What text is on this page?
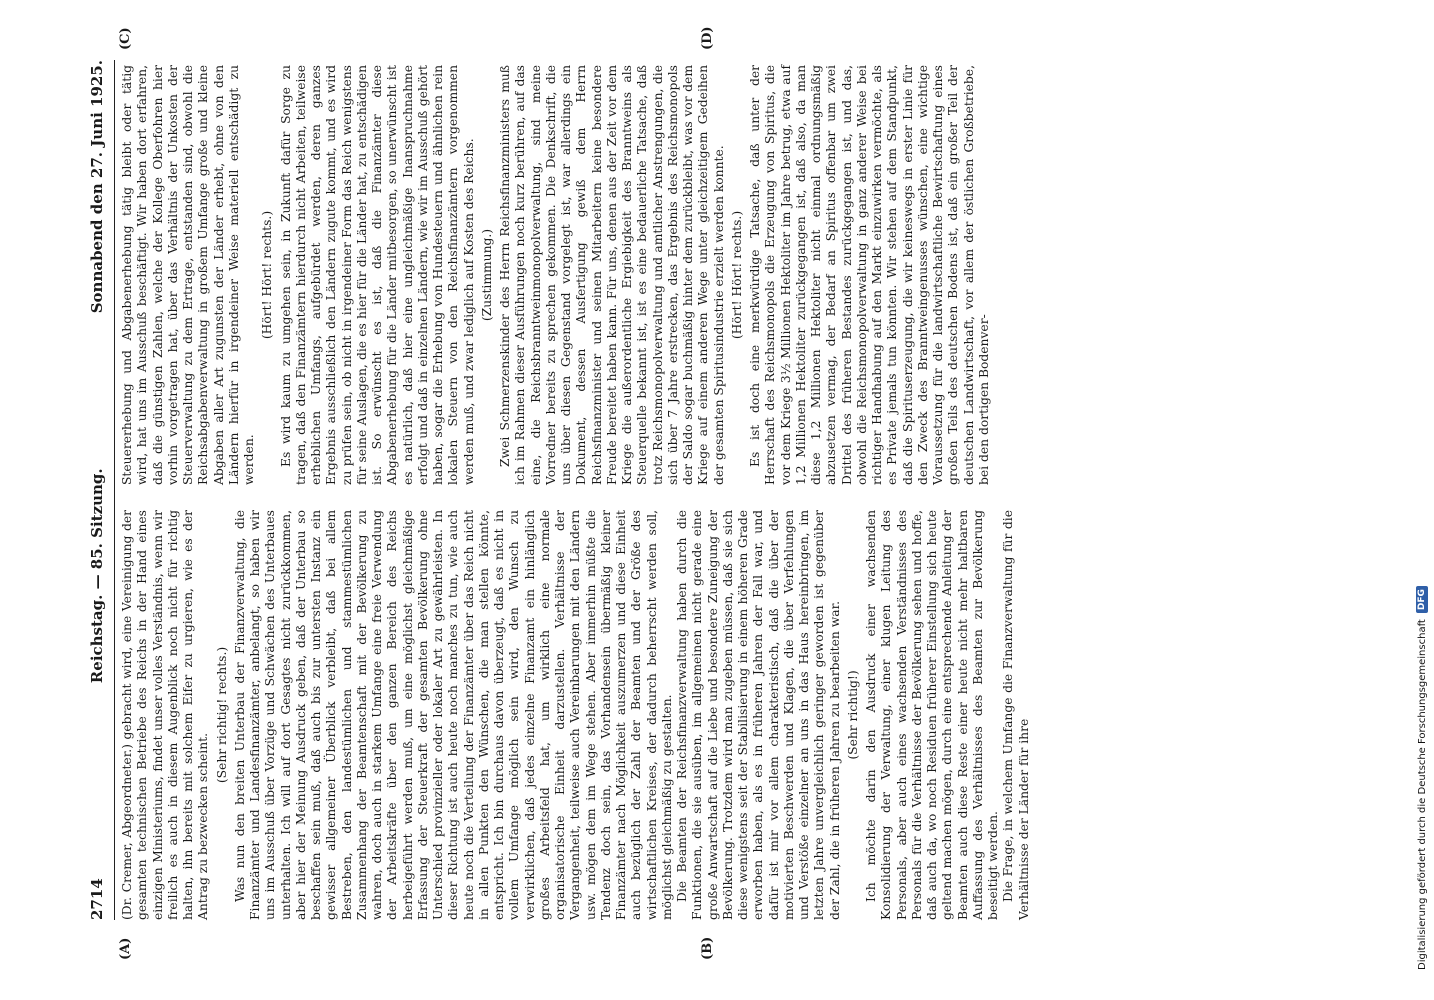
2714
Reichstag. — 85. Sitzung.
Sonnabend den 27. Juni 1925.
(A)	(B)
(C)	(D)

(Dr. Cremer, Abgeordneter.) gebracht wird, eine Vereinigung der gesamten technischen Betriebe des Reichs in der Hand eines einzigen Ministeriums, findet unser volles Verständnis, wenn wir freilich es auch in diesem Augenblick noch nicht für richtig halten, ihn bereits mit solchem Eifer zu urgieren, wie es der Antrag zu bezwecken scheint.

(Sehr richtig! rechts.) Was nun den breiten Unterbau der Finanzverwaltung, die Finanzämter und Landesfinanzämter, anbelangt, so haben wir uns im Ausschuß über Vorzüge und Schwächen des Unterbaues unterhalten. Ich will auf dort Gesagtes nicht zurückkommen, aber hier der Meinung Ausdruck geben, daß der Unterbau so beschaffen sein muß, daß auch bis zur untersten Instanz ein gewisser allgemeiner Überblick verbleibt, daß bei allem Bestreben, den landestümlichen und stammestümlichen Zusammenhang der Beamtenschaft mit der Bevölkerung zu wahren, doch auch in starkem Umfange eine freie Verwendung der Arbeitskräfte über den ganzen Bereich des Reichs herbeigeführt werden muß, um eine möglichst gleichmäßige Erfassung der Steuerkraft der gesamten Bevölkerung ohne Unterschied provinzieller oder lokaler Art zu gewährleisten. In dieser Richtung ist auch heute noch manches zu tun, wie auch heute noch die Verteilung der Finanzämter über das Reich nicht in allen Punkten den Wünschen, die man stellen könnte, entspricht. Ich bin durchaus davon überzeugt, daß es nicht in vollem Umfange möglich sein wird, den Wunsch zu verwirklichen, daß jedes einzelne Finanzamt ein hinlänglich großes Arbeitsfeld hat, um wirklich eine normale organisatorische Einheit darzustellen. Verhältnisse der Vergangenheit, teilweise auch Vereinbarungen mit den Ländern usw. mögen dem im Wege stehen. Aber immerhin müßte die Tendenz doch sein, das Vorhandensein übermäßig kleiner Finanzämter nach Möglichkeit auszumerzen und diese Einheit auch bezüglich der Zahl der Beamten und der Größe des wirtschaftlichen Kreises, der dadurch beherrscht werden soll, möglichst gleichmäßig zu gestalten. Die Beamten der Reichsfinanzverwaltung haben durch die Funktionen, die sie ausüben, im allgemeinen nicht gerade eine große Anwartschaft auf die Liebe und besondere Zuneigung der Bevölkerung. Trotzdem wird man zugeben müssen, daß sie sich diese wenigstens seit der Stabilisierung in einem höheren Grade erworben haben, als es in früheren Jahren der Fall war, und dafür ist mir vor allem charakteristisch, daß die über der motivierten Beschwerden und Klagen, die über Verfehlungen und Verstöße einzelner an uns in das Haus hereinbringen, im letzten Jahre unvergleichlich geringer geworden ist gegenüber der Zahl, die in früheren Jahren zu bearbeiten war. (Sehr richtig!) Ich möchte darin den Ausdruck einer wachsenden Konsolidierung der Verwaltung, einer klugen Leitung des Personals, aber auch eines wachsenden Verständnisses des Personals für die Verhältnisse der Bevölkerung sehen und hoffe, daß auch da, wo noch Residuen früherer Einstellung sich heute geltend machen mögen, durch eine entsprechende Anleitung der Beamten auch diese Reste einer heute nicht mehr haltbaren Auffassung des Verhältnisses des Beamten zur Bevölkerung beseitigt werden. Die Frage, in welchem Umfange die Finanzverwaltung für die Verhältnisse der Länder für ihre

Steuererhebung und Abgabenerhebung tätig bleibt oder tätig wird, hat uns im Ausschuß beschäftigt. Wir haben dort erfahren, daß die günstigen Zahlen, welche der Kollege Oberfohren hier vorhin vorgetragen hat, über das Verhältnis der Unkosten der Steuerverwaltung zu dem Ertrage, entstanden sind, obwohl die Reichsabgabenverwaltung in großem Umfange große und kleine Abgaben aller Art zugunsten der Länder erhebt, ohne von den Ländern hierfür in irgendeiner Weise materiell entschädigt zu werden.

(Hört! Hört! rechts.) Es wird kaum zu umgehen sein, in Zukunft dafür Sorge zu tragen, daß den Finanzämtern hierdurch nicht Arbeiten, teilweise erheblichen Umfangs, aufgebürdet werden, deren ganzes Ergebnis ausschließlich den Ländern zugute kommt, und es wird zu prüfen sein, ob nicht in irgendeiner Form das Reich wenigstens für seine Auslagen, die es hier für die Länder hat, zu entschädigen ist. So erwünscht es ist, daß die Finanzämter diese Abgabenerhebung für die Länder mitbesorgen, so unerwünscht ist es natürlich, daß hier eine ungleichmäßige Inanspruchnahme erfolgt und daß in einzelnen Ländern, wie wir im Ausschuß gehört haben, sogar die Erhebung von Hundesteuern und ähnlichen rein lokalen Steuern von den Reichsfinanzämtern vorgenommen werden muß, und zwar lediglich auf Kosten des Reichs. (Zustimmung.) Zwei Schmerzenskinder des Herrn Reichsfinanzministers muß ich im Rahmen dieser Ausführungen noch kurz berühren, auf das eine, die Reichsbranntweinmonopolverwaltung, sind meine Vorredner bereits zu sprechen gekommen. Die Denkschrift, die uns über diesen Gegenstand vorgelegt ist, war allerdings ein Dokument, dessen Ausfertigung gewiß dem Herrn Reichsfinanzminister und seinen Mitarbeitern keine besondere Freude bereitet haben kann. Für uns, denen aus der Zeit vor dem Kriege die außerordentliche Ergiebigkeit des Branntweins als Steuerquelle bekannt ist, ist es eine bedauerliche Tatsache, daß trotz Reichsmonopolverwaltung und amtlicher Anstrengungen, die sich über 7 Jahre erstrecken, das Ergebnis des Reichsmonopols der Saldo sogar buchmäßig hinter dem zurückbleibt, was vor dem Kriege auf einem anderen Wege unter gleichzeitigem Gedeihen der gesamten Spiritusindustrie erzielt werden konnte. (Hört! Hört! rechts.) Es ist doch eine merkwürdige Tatsache, daß unter der Herrschaft des Reichsmonopols die Erzeugung von Spiritus, die vor dem Kriege 3½ Millionen Hektoliter im Jahre betrug, etwa auf 1,2 Millionen Hektoliter zurückgegangen ist, daß also, da man diese 1,2 Millionen Hektoliter nicht einmal ordnungsmäßig abzusetzen vermag, der Bedarf an Spiritus offenbar um zwei Drittel des früheren Bestandes zurückgegangen ist, und das, obwohl die Reichsmonopolverwaltung in ganz anderer Weise bei richtiger Handhabung auf den Markt einzuwirken vermöchte, als es Private jemals tun könnten. Wir stehen auf dem Standpunkt, daß die Spirituserzeugung, die wir keineswegs in erster Linie für den Zweck des Branntweingenusses wünschen, eine wichtige Voraussetzung für die landwirtschaftliche Bewirtschaftung eines großen Teils des deutschen Bodens ist, daß ein großer Teil der deutschen Landwirtschaft, vor allem der östlichen Großbetriebe, bei den dortigen Bodenver-

Digitalisierung gefördert durch die Deutsche Forschungsgemeinschaft
DFG
